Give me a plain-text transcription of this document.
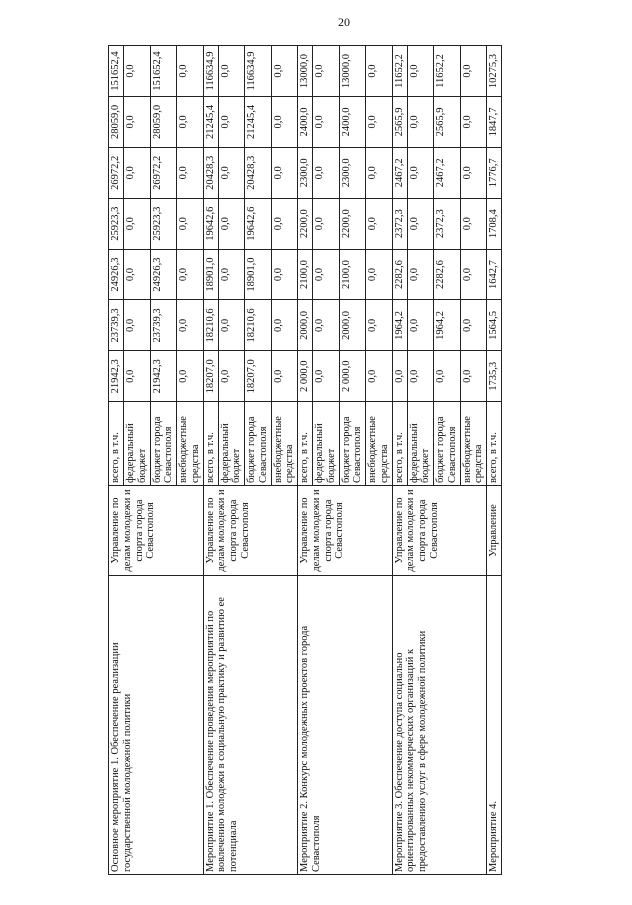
20
Основное мероприятие 1. Обеспечение реализации государственной молодежной политики	Управление по делам молодежи и спорта города Севастополя	всего, в т.ч.	21942,3	23739,3	24926,3	25923,3	26972,2	28059,0	151652,4
		федеральный бюджет	0,0	0,0	0,0	0,0	0,0	0,0	0,0
		бюджет города Севастополя	21942,3	23739,3	24926,3	25923,3	26972,2	28059,0	151652,4
		внебюджетные средства	0,0	0,0	0,0	0,0	0,0	0,0	0,0
Мероприятие 1. Обеспечение проведения мероприятий по вовлечению молодежи в социальную практику и развитию ее потенциала	Управление по делам молодежи и спорта города Севастополя	всего, в т.ч.	18207,0	18210,6	18901,0	19642,6	20428,3	21245,4	116634,9
		федеральный бюджет	0,0	0,0	0,0	0,0	0,0	0,0	0,0
		бюджет города Севастополя	18207,0	18210,6	18901,0	19642,6	20428,3	21245,4	116634,9
		внебюджетные средства	0,0	0,0	0,0	0,0	0,0	0,0	0,0
Мероприятие 2. Конкурс молодежных проектов города Севастополя	Управление по делам молодежи и спорта города Севастополя	всего, в т.ч.	2 000,0	2000,0	2100,0	2200,0	2300,0	2400,0	13000,0
		федеральный бюджет	0,0	0,0	0,0	0,0	0,0	0,0	0,0
		бюджет города Севастополя	2 000,0	2000,0	2100,0	2200,0	2300,0	2400,0	13000,0
		внебюджетные средства	0,0	0,0	0,0	0,0	0,0	0,0	0,0
Мероприятие 3. Обеспечение доступа социально ориентированных некоммерческих организаций к предоставлению услуг в сфере молодежной политики	Управление по делам молодежи и спорта города Севастополя	всего, в т.ч.	0,0	1964,2	2282,6	2372,3	2467,2	2565,9	11652,2
		федеральный бюджет	0,0	0,0	0,0	0,0	0,0	0,0	0,0
		бюджет города Севастополя	0,0	1964,2	2282,6	2372,3	2467,2	2565,9	11652,2
		внебюджетные средства	0,0	0,0	0,0	0,0	0,0	0,0	0,0
Мероприятие 4.	Управление	всего, в т.ч.	1735,3	1564,5	1642,7	1708,4	1776,7	1847,7	10275,3
